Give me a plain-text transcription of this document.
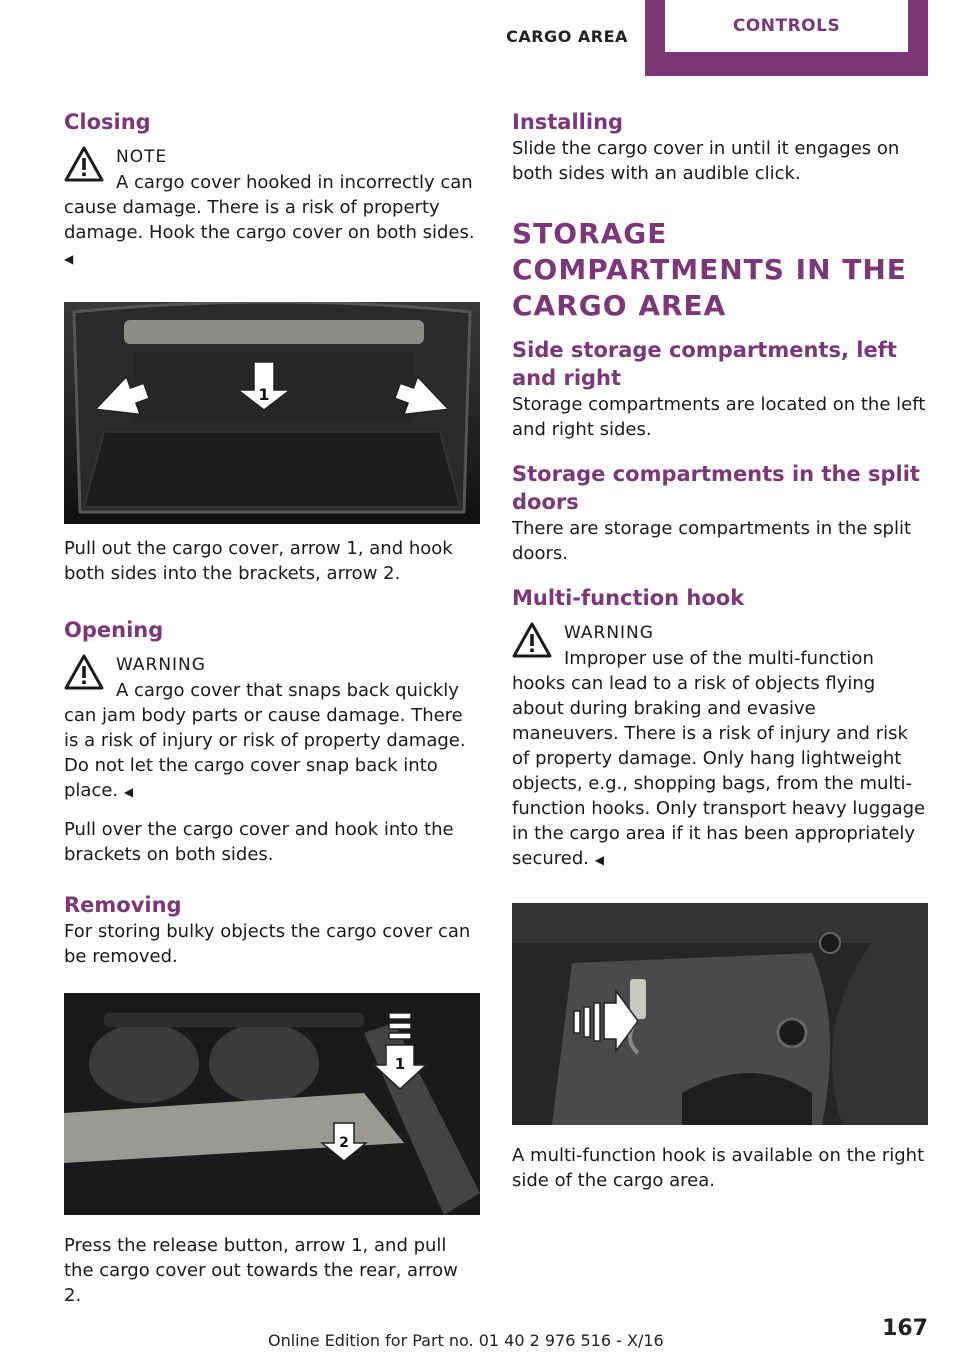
CARGO AREA	CONTROLS
Closing
NOTE

A cargo cover hooked in incorrectly can cause damage. There is a risk of property damage. Hook the cargo cover on both sides. ◀

1

Pull out the cargo cover, arrow 1, and hook both sides into the brackets, arrow 2.

Opening
WARNING

A cargo cover that snaps back quickly can jam body parts or cause damage. There is a risk of injury or risk of property damage. Do not let the cargo cover snap back into place. ◀

Pull over the cargo cover and hook into the brackets on both sides.

Removing

For storing bulky objects the cargo cover can be removed.

1
2

Press the release button, arrow 1, and pull the cargo cover out towards the rear, arrow 2.

Installing

Slide the cargo cover in until it engages on both sides with an audible click.

STORAGE COMPARTMENTS IN THE CARGO AREA
Side storage compartments, left and right

Storage compartments are located on the left and right sides.

Storage compartments in the split doors

There are storage compartments in the split doors.

Multi-function hook
WARNING

Improper use of the multi-function hooks can lead to a risk of objects flying about during braking and evasive maneuvers. There is a risk of injury and risk of property damage. Only hang lightweight objects, e.g., shopping bags, from the multi-function hooks. Only transport heavy luggage in the cargo area if it has been appropriately secured. ◀

A multi-function hook is available on the right side of the cargo area.

Online Edition for Part no. 01 40 2 976 516 - X/16	167
